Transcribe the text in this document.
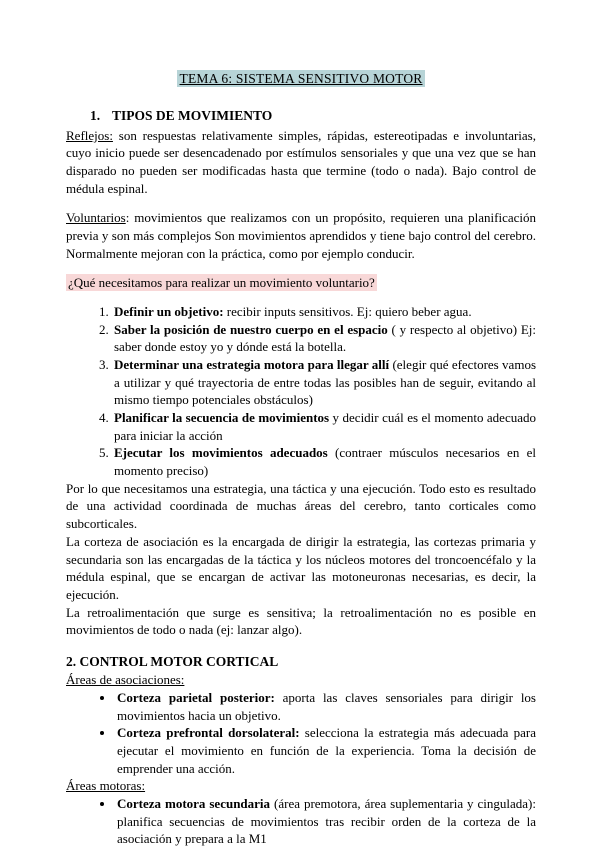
TEMA 6: SISTEMA SENSITIVO MOTOR
1. TIPOS DE MOVIMIENTO

Reflejos: son respuestas relativamente simples, rápidas, estereotipadas e involuntarias, cuyo inicio puede ser desencadenado por estímulos sensoriales y que una vez que se han disparado no pueden ser modificadas hasta que termine (todo o nada). Bajo control de médula espinal.

Voluntarios: movimientos que realizamos con un propósito, requieren una planificación previa y son más complejos Son movimientos aprendidos y tiene bajo control del cerebro. Normalmente mejoran con la práctica, como por ejemplo conducir.

¿Qué necesitamos para realizar un movimiento voluntario?

1. Definir un objetivo: recibir inputs sensitivos. Ej: quiero beber agua.
2. Saber la posición de nuestro cuerpo en el espacio ( y respecto al objetivo) Ej: saber donde estoy yo y dónde está la botella.
3. Determinar una estrategia motora para llegar allí (elegir qué efectores vamos a utilizar y qué trayectoria de entre todas las posibles han de seguir, evitando al mismo tiempo potenciales obstáculos)
4. Planificar la secuencia de movimientos y decidir cuál es el momento adecuado para iniciar la acción
5. Ejecutar los movimientos adecuados (contraer músculos necesarios en el momento preciso)

Por lo que necesitamos una estrategia, una táctica y una ejecución. Todo esto es resultado de una actividad coordinada de muchas áreas del cerebro, tanto corticales como subcorticales.

La corteza de asociación es la encargada de dirigir la estrategia, las cortezas primaria y secundaria son las encargadas de la táctica y los núcleos motores del troncoencéfalo y la médula espinal, que se encargan de activar las motoneuronas necesarias, es decir, la ejecución.

La retroalimentación que surge es sensitiva; la retroalimentación no es posible en movimientos de todo o nada (ej: lanzar algo).

2. CONTROL MOTOR CORTICAL

Áreas de asociaciones:

• Corteza parietal posterior: aporta las claves sensoriales para dirigir los movimientos hacia un objetivo.
• Corteza prefrontal dorsolateral: selecciona la estrategia más adecuada para ejecutar el movimiento en función de la experiencia. Toma la decisión de emprender una acción.

Áreas motoras:

• Corteza motora secundaria (área premotora, área suplementaria y cingulada): planifica secuencias de movimientos tras recibir orden de la corteza de la asociación y prepara a la M1
